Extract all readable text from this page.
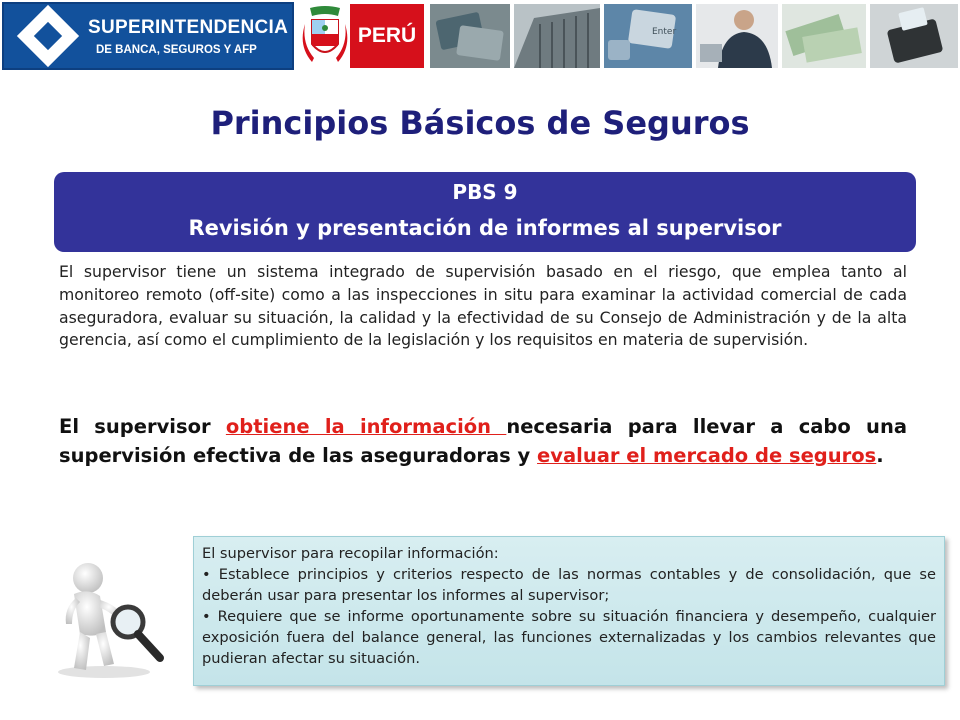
SUPERINTENDENCIA
DE BANCA, SEGUROS Y AFP
PERÚ	Enter
Principios Básicos de Seguros
PBS 9
Revisión y presentación de informes al supervisor
El supervisor tiene un sistema integrado de supervisión basado en el riesgo, que emplea tanto al monitoreo remoto (off-site) como a las inspecciones in situ para examinar la actividad comercial de cada aseguradora, evaluar su situación, la calidad y la efectividad de su Consejo de Administración y de la alta gerencia, así como el cumplimiento de la legislación y los requisitos en materia de supervisión.
El supervisor obtiene la información necesaria para llevar a cabo una supervisión efectiva de las aseguradoras y evaluar el mercado de seguros.

El supervisor para recopilar información:

• Establece principios y criterios respecto de las normas contables y de consolidación, que se deberán usar para presentar los informes al supervisor;

• Requiere que se informe oportunamente sobre su situación financiera y desempeño, cualquier exposición fuera del balance general, las funciones externalizadas y los cambios relevantes que pudieran afectar su situación.
